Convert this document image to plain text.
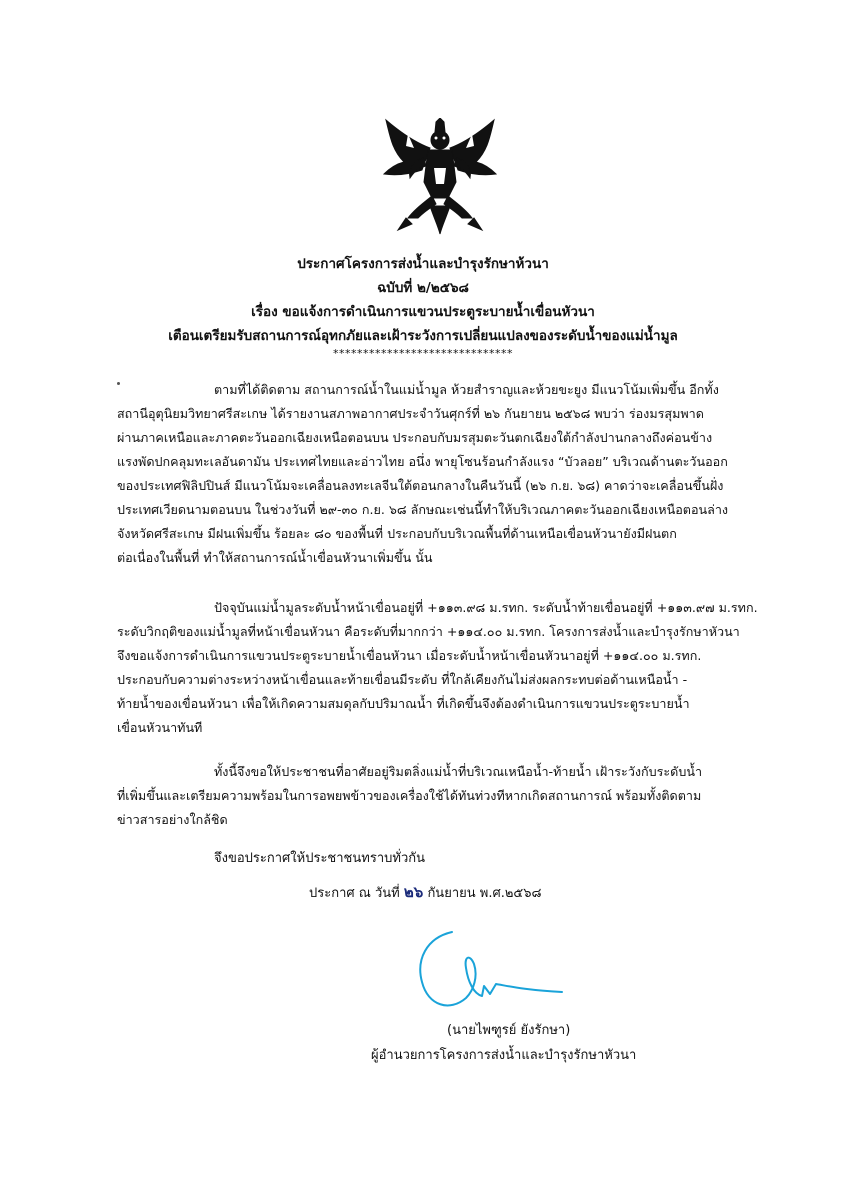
ประกาศโครงการส่งน้ำและบำรุงรักษาห้วนา
ฉบับที่ ๒/๒๕๖๘
เรื่อง ขอแจ้งการดำเนินการแขวนประตูระบายน้ำเขื่อนหัวนา
เตือนเตรียมรับสถานการณ์อุทกภัยและเฝ้าระวังการเปลี่ยนแปลงของระดับน้ำของแม่น้ำมูล
******************************
ตามที่ได้ติดตาม สถานการณ์น้ำในแม่น้ำมูล ห้วยสำราญและห้วยขะยูง มีแนวโน้มเพิ่มขึ้น อีกทั้ง
สถานีอุตุนิยมวิทยาศรีสะเกษ ได้รายงานสภาพอากาศประจำวันศุกร์ที่ ๒๖ กันยายน ๒๕๖๘ พบว่า ร่องมรสุมพาด
ผ่านภาคเหนือและภาคตะวันออกเฉียงเหนือตอนบน ประกอบกับมรสุมตะวันตกเฉียงใต้กำลังปานกลางถึงค่อนข้าง
แรงพัดปกคลุมทะเลอันดามัน ประเทศไทยและอ่าวไทย อนึ่ง พายุโซนร้อนกำลังแรง “บัวลอย” บริเวณด้านตะวันออก
ของประเทศฟิลิปปินส์ มีแนวโน้มจะเคลื่อนลงทะเลจีนใต้ตอนกลางในคืนวันนี้ (๒๖ ก.ย. ๖๘) คาดว่าจะเคลื่อนขึ้นฝั่ง
ประเทศเวียดนามตอนบน ในช่วงวันที่ ๒๙-๓๐ ก.ย. ๖๘ ลักษณะเช่นนี้ทำให้บริเวณภาคตะวันออกเฉียงเหนือตอนล่าง
จังหวัดศรีสะเกษ มีฝนเพิ่มขึ้น ร้อยละ ๘๐ ของพื้นที่ ประกอบกับบริเวณพื้นที่ด้านเหนือเขื่อนหัวนายังมีฝนตก
ต่อเนื่องในพื้นที่ ทำให้สถานการณ์น้ำเขื่อนหัวนาเพิ่มขึ้น นั้น
ปัจจุบันแม่น้ำมูลระดับน้ำหน้าเขื่อนอยู่ที่ +๑๑๓.๙๘ ม.รทก. ระดับน้ำท้ายเขื่อนอยู่ที่ +๑๑๓.๙๗ ม.รทก.
ระดับวิกฤติของแม่น้ำมูลที่หน้าเขื่อนหัวนา คือระดับที่มากกว่า +๑๑๔.๐๐ ม.รทก. โครงการส่งน้ำและบำรุงรักษาหัวนา
จึงขอแจ้งการดำเนินการแขวนประตูระบายน้ำเขื่อนหัวนา เมื่อระดับน้ำหน้าเขื่อนหัวนาอยู่ที่ +๑๑๔.๐๐ ม.รทก.
ประกอบกับความต่างระหว่างหน้าเขื่อนและท้ายเขื่อนมีระดับ ที่ใกล้เคียงกันไม่ส่งผลกระทบต่อด้านเหนือน้ำ -
ท้ายน้ำของเขื่อนหัวนา เพื่อให้เกิดความสมดุลกับปริมาณน้ำ ที่เกิดขึ้นจึงต้องดำเนินการแขวนประตูระบายน้ำ
เขื่อนหัวนาทันที
ทั้งนี้จึงขอให้ประชาชนที่อาศัยอยู่ริมตลิ่งแม่น้ำที่บริเวณเหนือน้ำ-ท้ายน้ำ เฝ้าระวังกับระดับน้ำ
ที่เพิ่มขึ้นและเตรียมความพร้อมในการอพยพข้าวของเครื่องใช้ได้ทันท่วงทีหากเกิดสถานการณ์ พร้อมทั้งติดตาม
ข่าวสารอย่างใกล้ชิด
จึงขอประกาศให้ประชาชนทราบทั่วกัน
ประกาศ ณ วันที่ ๒๖ กันยายน พ.ศ.๒๕๖๘
(นายไพฑูรย์ ยังรักษา)
ผู้อำนวยการโครงการส่งน้ำและบำรุงรักษาหัวนา
